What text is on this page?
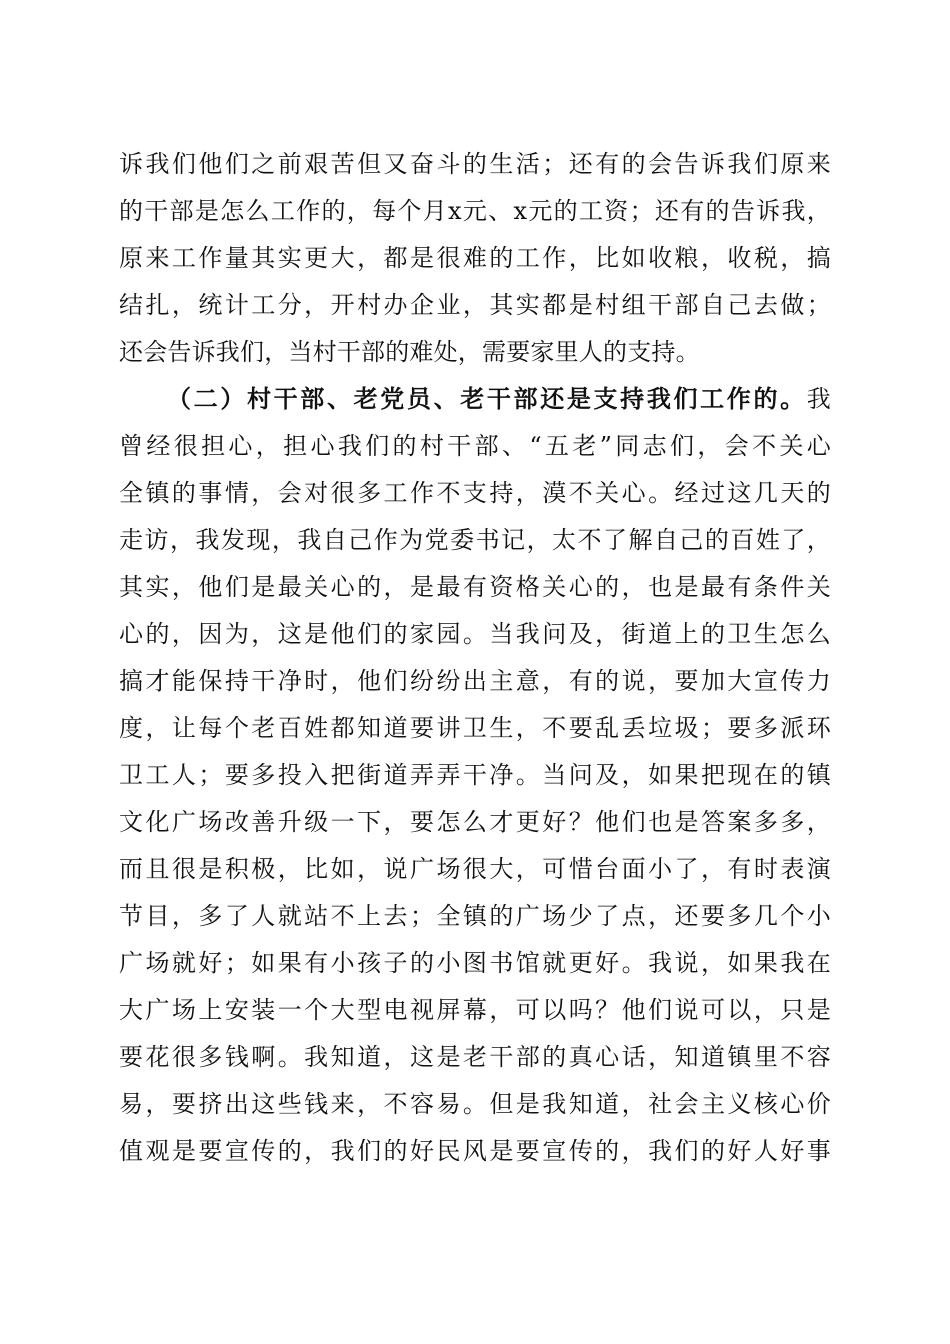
诉我们他们之前艰苦但又奋斗的生活；还有的会告诉我们原来
的干部是怎么工作的，每个月x元、x元的工资；还有的告诉我，
原来工作量其实更大，都是很难的工作，比如收粮，收税，搞
结扎，统计工分，开村办企业，其实都是村组干部自己去做；
还会告诉我们，当村干部的难处，需要家里人的支持。
（二）村干部、老党员、老干部还是支持我们工作的。我
曾经很担心，担心我们的村干部、“五老”同志们，会不关心
全镇的事情，会对很多工作不支持，漠不关心。经过这几天的
走访，我发现，我自己作为党委书记，太不了解自己的百姓了，
其实，他们是最关心的，是最有资格关心的，也是最有条件关
心的，因为，这是他们的家园。当我问及，街道上的卫生怎么
搞才能保持干净时，他们纷纷出主意，有的说，要加大宣传力
度，让每个老百姓都知道要讲卫生，不要乱丢垃圾；要多派环
卫工人；要多投入把街道弄弄干净。当问及，如果把现在的镇
文化广场改善升级一下，要怎么才更好？他们也是答案多多，
而且很是积极，比如，说广场很大，可惜台面小了，有时表演
节目，多了人就站不上去；全镇的广场少了点，还要多几个小
广场就好；如果有小孩子的小图书馆就更好。我说，如果我在
大广场上安装一个大型电视屏幕，可以吗？他们说可以，只是
要花很多钱啊。我知道，这是老干部的真心话，知道镇里不容
易，要挤出这些钱来，不容易。但是我知道，社会主义核心价
值观是要宣传的，我们的好民风是要宣传的，我们的好人好事
